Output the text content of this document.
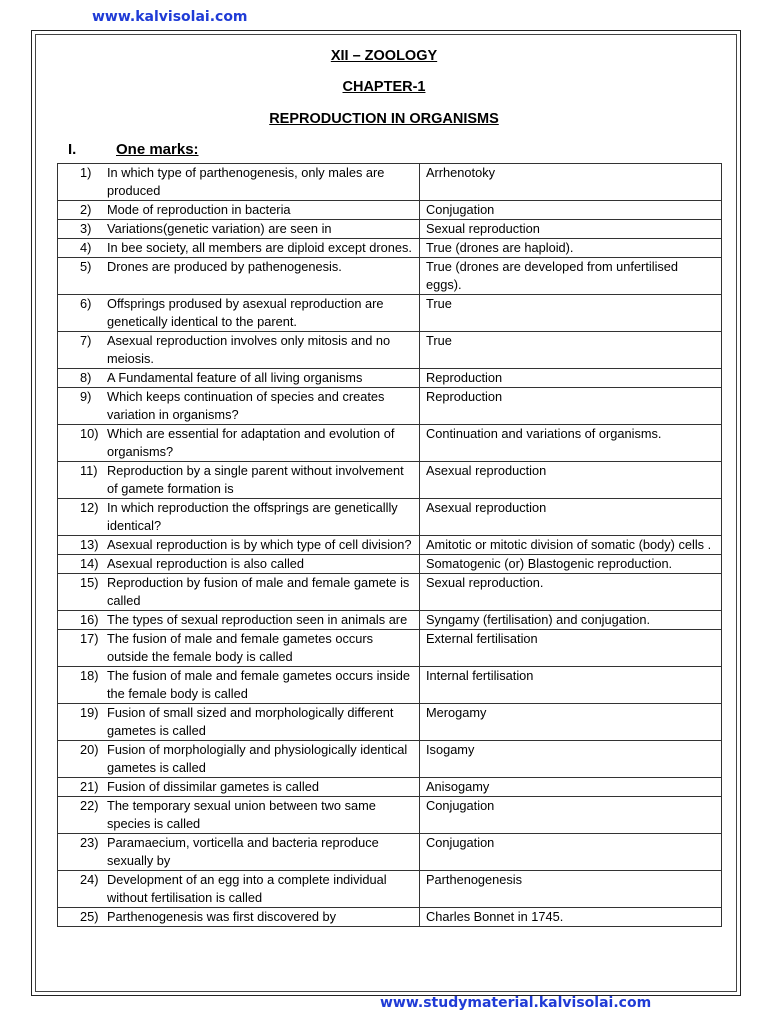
www.kalvisolai.com
XII – ZOOLOGY
CHAPTER-1
REPRODUCTION IN ORGANISMS
I.	One marks:
1) In which type of parthenogenesis, only males are produced	Arrhenotoky

2) Mode of reproduction in bacteria	Conjugation

3) Variations(genetic variation) are seen in	Sexual reproduction

4) In bee society, all members are diploid except drones.	True (drones are haploid).

5) Drones are produced by pathenogenesis.	True (drones are developed from unfertilised eggs).

6) Offsprings prodused by asexual reproduction are genetically identical to the parent.	True

7) Asexual reproduction involves only mitosis and no meiosis.	True

8) A Fundamental feature of all living organisms	Reproduction

9) Which keeps continuation of species and creates variation in organisms?	Reproduction

10) Which are essential for adaptation and evolution of organisms?	Continuation and variations of organisms.

11) Reproduction by a single parent without involvement of gamete formation is	Asexual reproduction

12) In which reproduction the offsprings are geneticallly identical?	Asexual reproduction

13) Asexual reproduction is by which type of cell division?	Amitotic or mitotic division of somatic (body) cells .

14) Asexual reproduction is also called	Somatogenic (or) Blastogenic reproduction.

15) Reproduction by fusion of male and female gamete is called	Sexual reproduction.

16) The types of sexual reproduction seen in animals are	Syngamy (fertilisation) and conjugation.

17) The fusion of male and female gametes occurs outside the female body is called	External fertilisation

18) The fusion of male and female gametes occurs inside the female body is called	Internal fertilisation

19) Fusion of small sized and morphologically different gametes is called	Merogamy

20) Fusion of morphologially and physiologically identical gametes is called	Isogamy

21) Fusion of dissimilar gametes is called	Anisogamy

22) The temporary sexual union between two same species is called	Conjugation

23) Paramaecium, vorticella and bacteria reproduce sexually by	Conjugation

24) Development of an egg into a complete individual without fertilisation is called	Parthenogenesis

25) Parthenogenesis was first discovered by	Charles Bonnet in 1745.
www.studymaterial.kalvisolai.com
